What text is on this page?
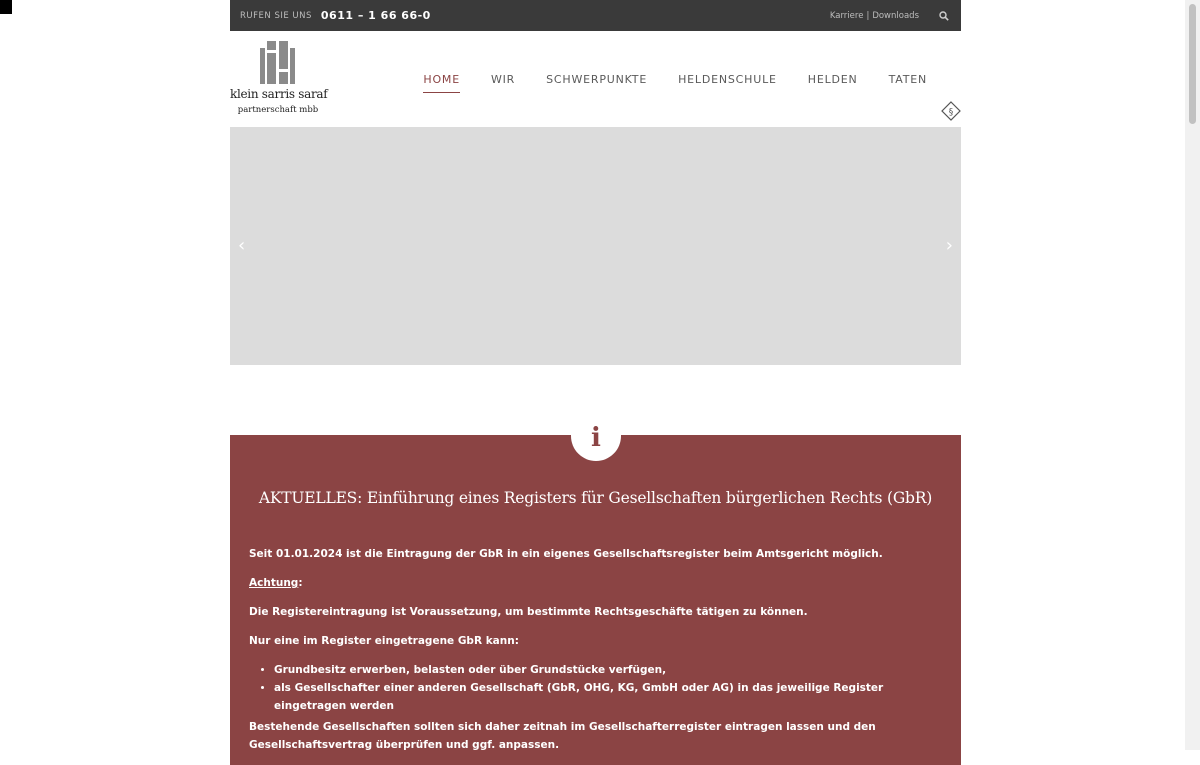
RUFEN SIE UNS 0611 – 1 66 66-0	Karriere | Downloads
klein sarris saraf
partnerschaft mbb
HOME	WIR	SCHWERPUNKTE	HELDENSCHULE	HELDEN	TATEN
§
‹	›
i
AKTUELLES: Einführung eines Registers für Gesellschaften bürgerlichen Rechts (GbR)

Seit 01.01.2024 ist die Eintragung der GbR in ein eigenes Gesellschaftsregister beim Amtsgericht möglich.

Achtung:

Die Registereintragung ist Voraussetzung, um bestimmte Rechtsgeschäfte tätigen zu können.

Nur eine im Register eingetragene GbR kann:

• Grundbesitz erwerben, belasten oder über Grundstücke verfügen,
• als Gesellschafter einer anderen Gesellschaft (GbR, OHG, KG, GmbH oder AG) in das jeweilige Register eingetragen werden

Bestehende Gesellschaften sollten sich daher zeitnah im Gesellschafterregister eintragen lassen und den Gesellschaftsvertrag überprüfen und ggf. anpassen.
